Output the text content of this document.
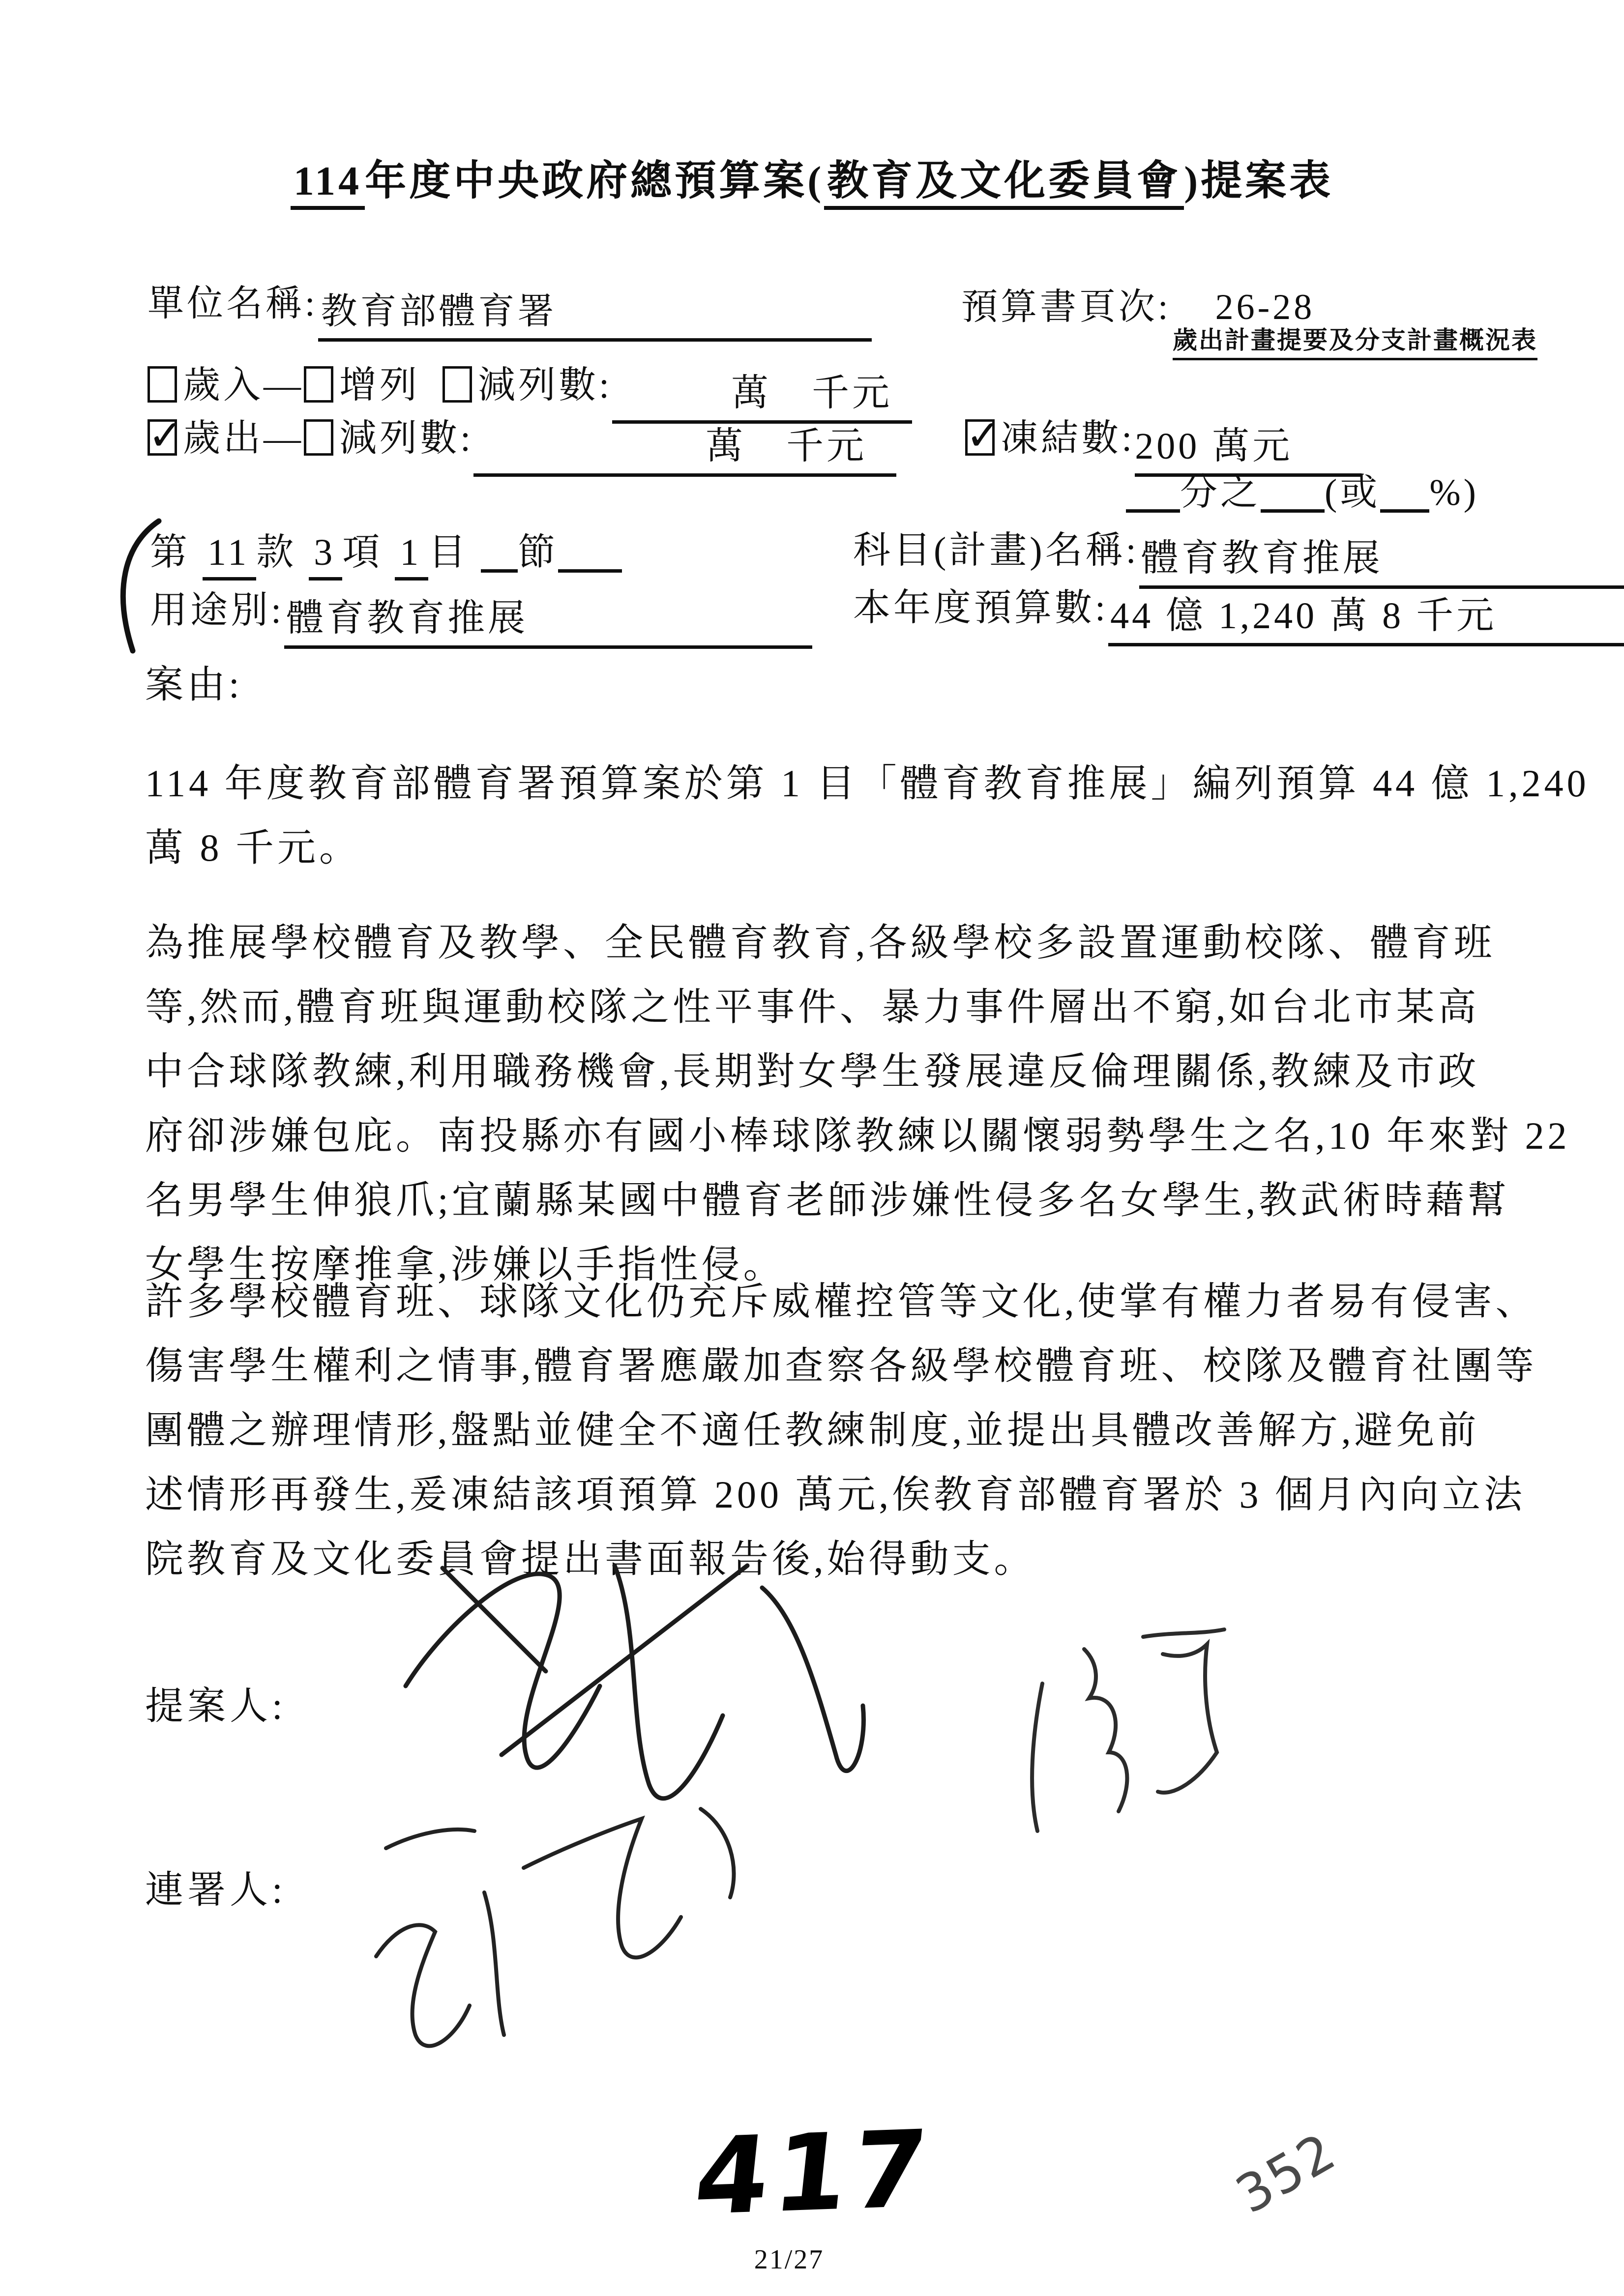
114年度中央政府總預算案(教育及文化委員會)提案表
單位名稱:教育部體育署	預算書頁次: 26-28
歲出計畫提要及分支計畫概況表
歲入— 增列 減列數:	萬　千元
✓歲出— 減列數:	萬　千元 ✓	凍結數:200 萬元
分之 (或 %)
第 11 款 3 項 1 目 節	科目(計畫)名稱:體育教育推展
用途別:體育教育推展	本年度預算數:44 億 1,240 萬 8 千元
案由:
114 年度教育部體育署預算案於第 1 目「體育教育推展」編列預算 44 億 1,240
萬 8 千元。
為推展學校體育及教學、全民體育教育,各級學校多設置運動校隊、體育班
等,然而,體育班與運動校隊之性平事件、暴力事件層出不窮,如台北市某高
中合球隊教練,利用職務機會,長期對女學生發展違反倫理關係,教練及市政
府卻涉嫌包庇。南投縣亦有國小棒球隊教練以關懷弱勢學生之名,10 年來對 22
名男學生伸狼爪;宜蘭縣某國中體育老師涉嫌性侵多名女學生,教武術時藉幫
女學生按摩推拿,涉嫌以手指性侵。
許多學校體育班、球隊文化仍充斥威權控管等文化,使掌有權力者易有侵害、
傷害學生權利之情事,體育署應嚴加查察各級學校體育班、校隊及體育社團等
團體之辦理情形,盤點並健全不適任教練制度,並提出具體改善解方,避免前
述情形再發生,爰凍結該項預算 200 萬元,俟教育部體育署於 3 個月內向立法
院教育及文化委員會提出書面報告後,始得動支。
提案人:
連署人:
417	352
21/27
